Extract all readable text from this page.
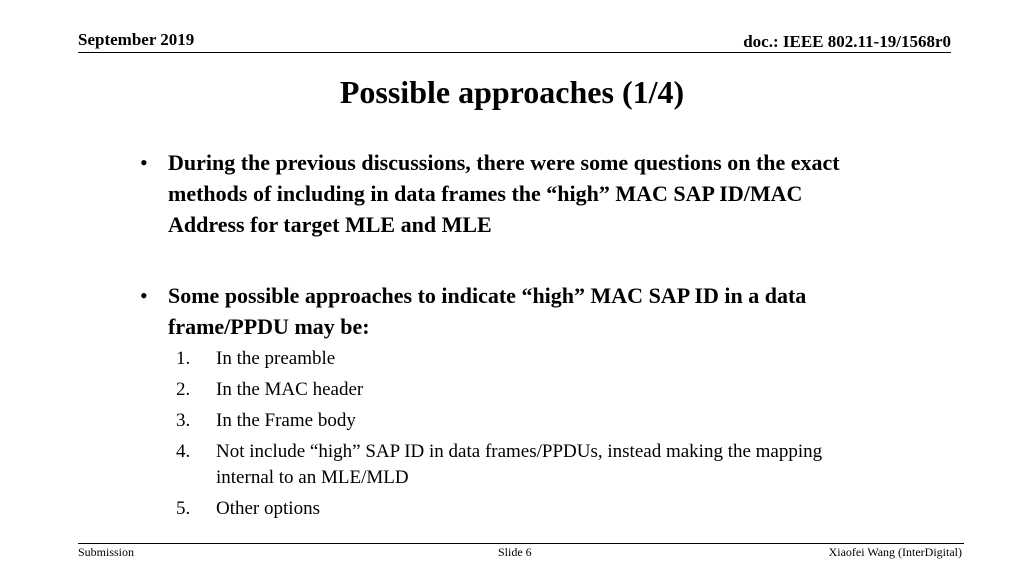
September 2019	doc.: IEEE 802.11-19/1568r0
Possible approaches (1/4)
• During the previous discussions, there were some questions on the exact methods of including in data frames the “high” MAC SAP ID/MAC Address for target MLE and MLE
• Some possible approaches to indicate “high” MAC SAP ID in a data frame/PPDU may be:
1. In the preamble
2. In the MAC header
3. In the Frame body
4. Not include “high” SAP ID in data frames/PPDUs, instead making the mapping internal to an MLE/MLD
5. Other options
Submission	Slide 6	Xiaofei Wang (InterDigital)
